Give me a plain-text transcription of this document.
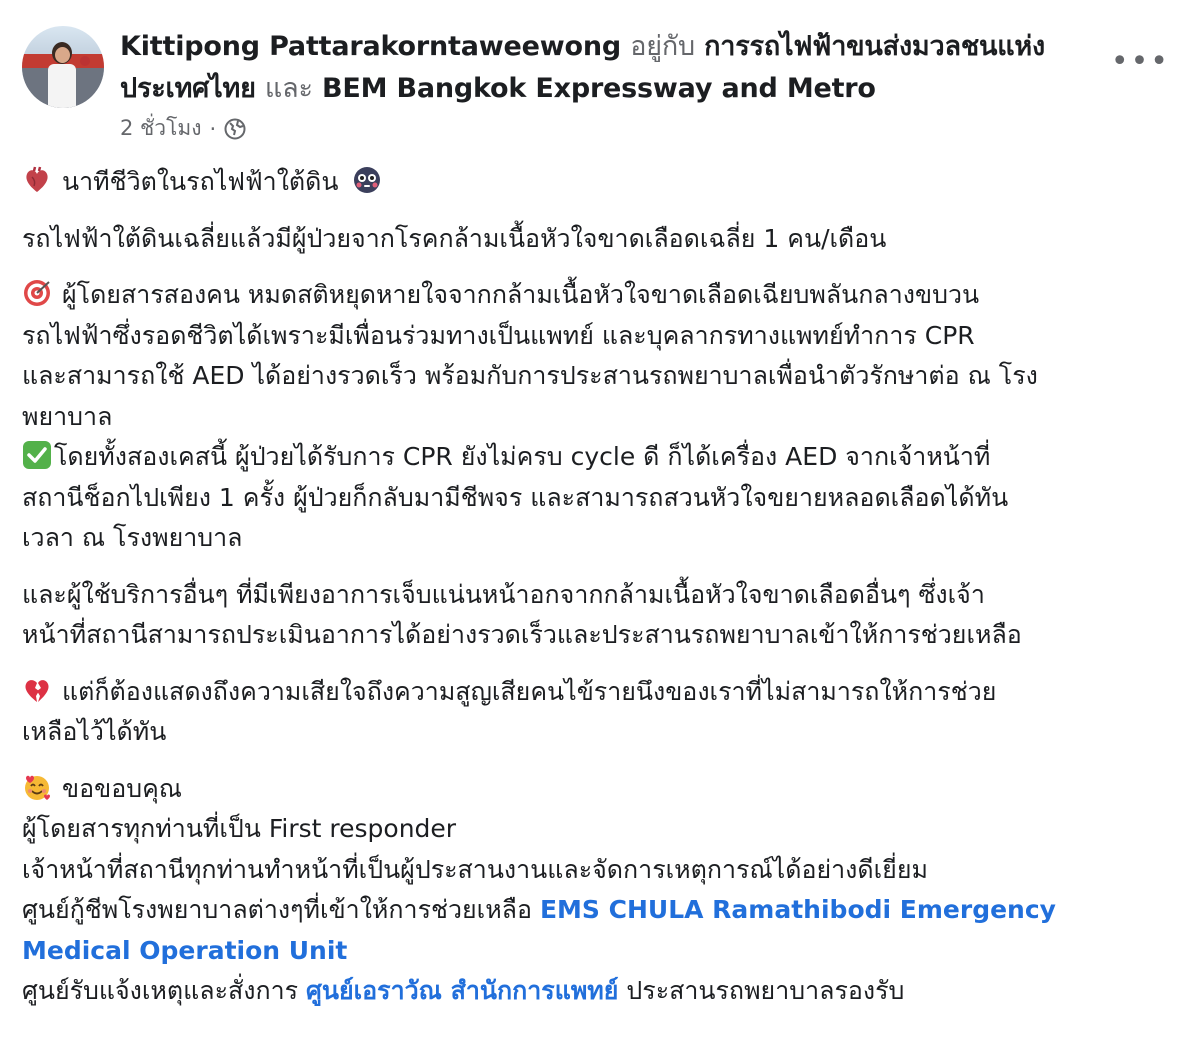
Kittipong Pattarakorntaweewong อยู่กับ การรถไฟฟ้าขนส่งมวลชนแห่ง
ประเทศไทย และ BEM Bangkok Expressway and Metro
2 ชั่วโมง ·
•••
นาทีชีวิตในรถไฟฟ้าใต้ดิน
รถไฟฟ้าใต้ดินเฉลี่ยแล้วมีผู้ป่วยจากโรคกล้ามเนื้อหัวใจขาดเลือดเฉลี่ย 1 คน/เดือน
ผู้โดยสารสองคน หมดสติหยุดหายใจจากกล้ามเนื้อหัวใจขาดเลือดเฉียบพลันกลางขบวน
รถไฟฟ้าซึ่งรอดชีวิตได้เพราะมีเพื่อนร่วมทางเป็นแพทย์ และบุคลากรทางแพทย์ทำการ CPR
และสามารถใช้ AED ได้อย่างรวดเร็ว พร้อมกับการประสานรถพยาบาลเพื่อนำตัวรักษาต่อ ณ โรง
พยาบาล
โดยทั้งสองเคสนี้ ผู้ป่วยได้รับการ CPR ยังไม่ครบ cycle ดี ก็ได้เครื่อง AED จากเจ้าหน้าที่
สถานีช็อกไปเพียง 1 ครั้ง ผู้ป่วยก็กลับมามีชีพจร และสามารถสวนหัวใจขยายหลอดเลือดได้ทัน
เวลา ณ โรงพยาบาล
และผู้ใช้บริการอื่นๆ ที่มีเพียงอาการเจ็บแน่นหน้าอกจากกล้ามเนื้อหัวใจขาดเลือดอื่นๆ ซึ่งเจ้า
หน้าที่สถานีสามารถประเมินอาการได้อย่างรวดเร็วและประสานรถพยาบาลเข้าให้การช่วยเหลือ
แต่ก็ต้องแสดงถึงความเสียใจถึงความสูญเสียคนไข้รายนึงของเราที่ไม่สามารถให้การช่วย
เหลือไว้ได้ทัน
ขอขอบคุณ
ผู้โดยสารทุกท่านที่เป็น First responder
เจ้าหน้าที่สถานีทุกท่านทำหน้าที่เป็นผู้ประสานงานและจัดการเหตุการณ์ได้อย่างดีเยี่ยม
ศูนย์กู้ชีพโรงพยาบาลต่างๆที่เข้าให้การช่วยเหลือ EMS CHULA Ramathibodi Emergency
Medical Operation Unit
ศูนย์รับแจ้งเหตุและสั่งการ ศูนย์เอราวัณ สำนักการแพทย์ ประสานรถพยาบาลรองรับ
